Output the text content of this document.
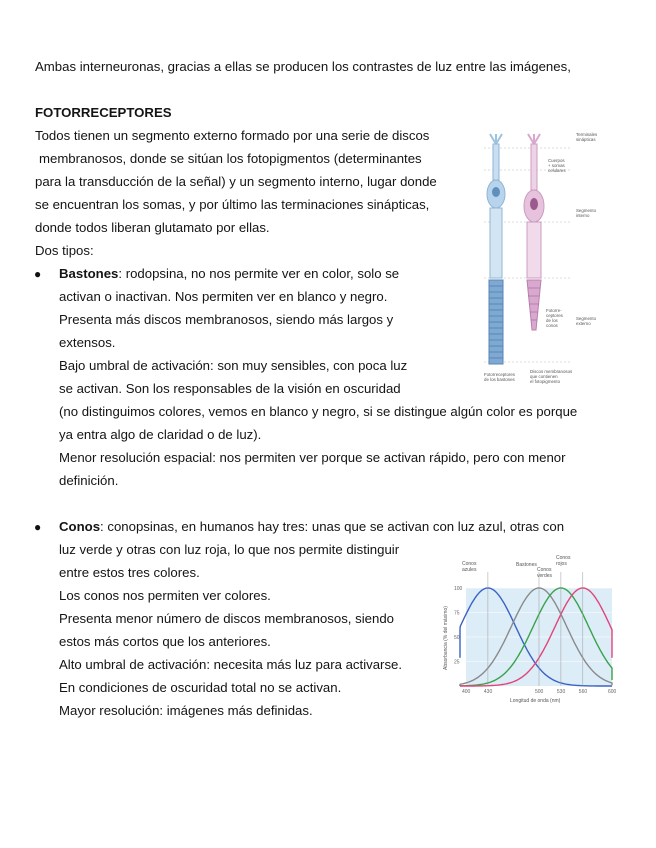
Ambas interneuronas, gracias a ellas se producen los contrastes de luz entre las imágenes,
FOTORRECEPTORES
Todos tienen un segmento externo formado por una serie de discos
membranosos, donde se sitúan los fotopigmentos (determinantes
para la transducción de la señal) y un segmento interno, lugar donde
se encuentran los somas, y por último las terminaciones sinápticas,
donde todos liberan glutamato por ellas.
Dos tipos:
● Bastones: rodopsina, no nos permite ver en color, solo se
activan o inactivan. Nos permiten ver en blanco y negro.
Presenta más discos membranosos, siendo más largos y
extensos.
Bajo umbral de activación: son muy sensibles, con poca luz
se activan. Son los responsables de la visión en oscuridad
(no distinguimos colores, vemos en blanco y negro, si se distingue algún color es porque
ya entra algo de claridad o de luz).
Menor resolución espacial: nos permiten ver porque se activan rápido, pero con menor
definición.
● Conos: conopsinas, en humanos hay tres: unas que se activan con luz azul, otras con
luz verde y otras con luz roja, lo que nos permite distinguir
entre estos tres colores.
Los conos nos permiten ver colores.
Presenta menor número de discos membranosos, siendo
estos más cortos que los anteriores.
Alto umbral de activación: necesita más luz para activarse.
En condiciones de oscuridad total no se activan.
Mayor resolución: imágenes más definidas.
Terminales
sinápticas
Cuerpos
+ somas
celulares
Segmento
interno
Fotorre-
ceptores
de los
conos
Segmento
externo
Fotorreceptores
de los bastones
Discos membranosos
que contienen
el fotopigmento
400	430	500	530	560	600
25
50
75
100
Conos
azules
Bastones
Conos
verdes
Conos
rojos
Absorbancia (% del máximo)
Longitud de onda (nm)
